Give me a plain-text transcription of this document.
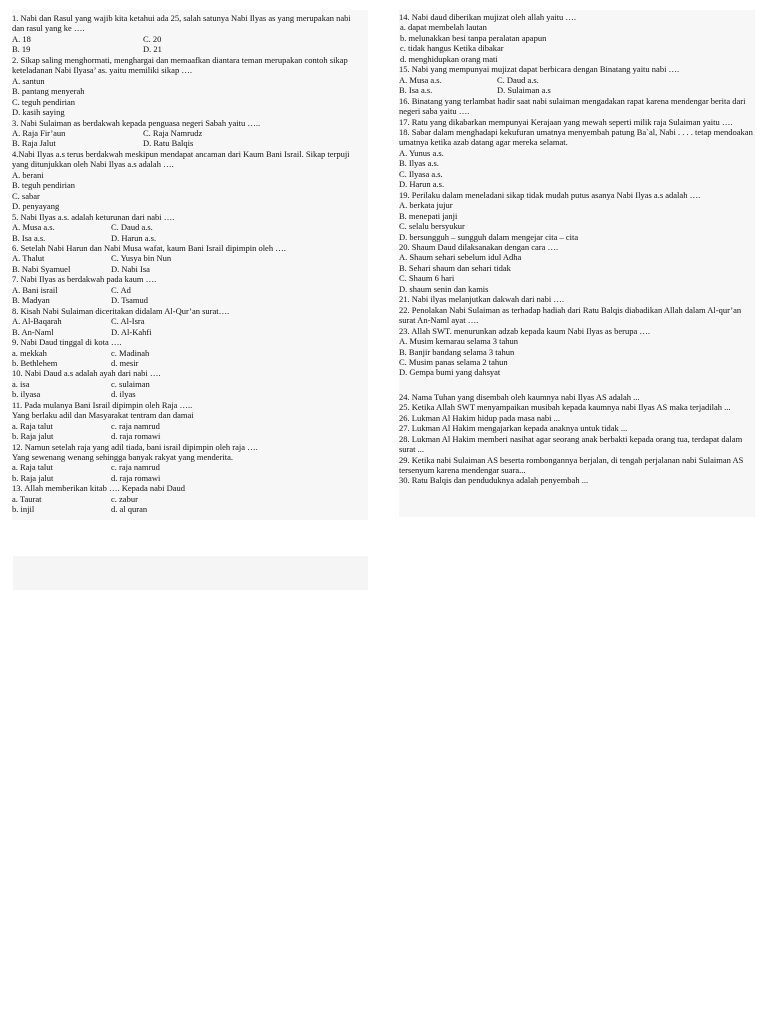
1. Nabi dan Rasul yang wajib kita ketahui ada 25, salah satunya Nabi Ilyas as yang merupakan nabi dan rasul yang ke ….
A. 18	C. 20
B. 19	D. 21
2. Sikap saling menghormati, menghargai dan memaafkan diantara teman merupakan contoh sikap keteladanan Nabi Ilyasa’ as. yaitu memiliki sikap ….
A. santun
B. pantang menyerah
C. teguh pendirian
D. kasih saying
3. Nabi Sulaiman as berdakwah kepada penguasa negeri Sabah yaitu …..
A. Raja Fir’aun	C. Raja Namrudz
B. Raja Jalut	D. Ratu Balqis
4.Nabi Ilyas a.s terus berdakwah meskipun mendapat ancaman dari Kaum Bani Israil. Sikap terpuji yang ditunjukkan oleh Nabi Ilyas a.s adalah ….
A. berani
B. teguh pendirian
C. sabar
D. penyayang
5. Nabi Ilyas a.s. adalah keturunan dari nabi ….
A. Musa a.s.	C. Daud a.s.
B. Isa a.s.	D. Harun a.s.
6. Setelah Nabi Harun dan Nabi Musa wafat, kaum Bani Israil dipimpin oleh ….
A. Thalut	C. Yusya bin Nun
B. Nabi Syamuel	D. Nabi Isa
7. Nabi Ilyas as berdakwah pada kaum ….
A. Bani israil	C. Ad
B. Madyan	D. Tsamud
8. Kisah Nabi Sulaiman diceritakan didalam Al-Qur’an surat….
A. Al-Baqarah	C. Al-Isra
B. An-Naml	D. Al-Kahfi
9. Nabi Daud tinggal di kota ….
a. mekkah	c. Madinah
b. Bethlehem	d. mesir
10. Nabi Daud a.s adalah ayah dari nabi ….
a. isa	c. sulaiman
b. ilyasa	d. ilyas
11. Pada mulanya Bani Israil dipimpin oleh Raja …..
Yang berlaku adil dan Masyarakat tentram dan damai
a. Raja talut	c. raja namrud
b. Raja jalut	d. raja romawi
12. Namun setelah raja yang adil tiada, bani israil dipimpin oleh raja ….
Yang sewenang wenang sehingga banyak rakyat yang menderita.
a. Raja talut	c. raja namrud
b. Raja jalut	d. raja romawi
13. Allah memberikan kitab …. Kepada nabi Daud
a. Taurat	c. zabur
b. injil	d. al quran
14. Nabi daud diberikan mujizat oleh allah yaitu ….
a. dapat membelah lautan
b. melunakkan besi tanpa peralatan apapun
c. tidak hangus Ketika dibakar
d. menghidupkan orang mati
15. Nabi yang mempunyai mujizat dapat berbicara dengan Binatang yaitu nabi ….
A. Musa a.s.	C. Daud a.s.
B. Isa a.s.	D. Sulaiman a.s
16. Binatang yang terlambat hadir saat nabi sulaiman mengadakan rapat karena mendengar berita dari negeri saba yaitu ….
17. Ratu yang dikabarkan mempunyai Kerajaan yang mewah seperti milik raja Sulaiman yaitu ….
18. Sabar dalam menghadapi kekufuran umatnya menyembah patung Ba`al, Nabi . . . . tetap mendoakan umatnya ketika azab datang agar mereka selamat.
A. Yunus a.s.
B. Ilyas a.s.
C. Ilyasa a.s.
D. Harun a.s.
19. Perilaku dalam meneladani sikap tidak mudah putus asanya Nabi Ilyas a.s adalah ….
A. berkata jujur
B. menepati janji
C. selalu bersyukur
D. bersungguh – sungguh dalam mengejar cita – cita
20. Shaum Daud dilaksanakan dengan cara ….
A. Shaum sehari sebelum idul Adha
B. Sehari shaum dan sehari tidak
C. Shaum 6 hari
D. shaum senin dan kamis
21. Nabi ilyas melanjutkan dakwah dari nabi ….
22. Penolakan Nabi Sulaiman as terhadap hadiah dari Ratu Balqis diabadikan Allah dalam Al-qur’an surat An-Naml ayat ….
23. Allah SWT. menurunkan adzab kepada kaum Nabi Ilyas as berupa ….
A. Musim kemarau selama 3 tahun
B. Banjir bandang selama 3 tahun
C. Musim panas selama 2 tahun
D. Gempa bumi yang dahsyat
24. Nama Tuhan yang disembah oleh kaumnya nabi Ilyas AS adalah ...
25. Ketika Allah SWT menyampaikan musibah kepada kaumnya nabi Ilyas AS maka terjadilah ...
26. Lukman Al Hakim hidup pada masa nabi ...
27. Lukman Al Hakim mengajarkan kepada anaknya untuk tidak ...
28. Lukman Al Hakim memberi nasihat agar seorang anak berbakti kepada orang tua, terdapat dalam surat ...
29. Ketika nabi Sulaiman AS beserta rombongannya berjalan, di tengah perjalanan nabi Sulaiman AS tersenyum karena mendengar suara...
30. Ratu Balqis dan penduduknya adalah penyembah ...
